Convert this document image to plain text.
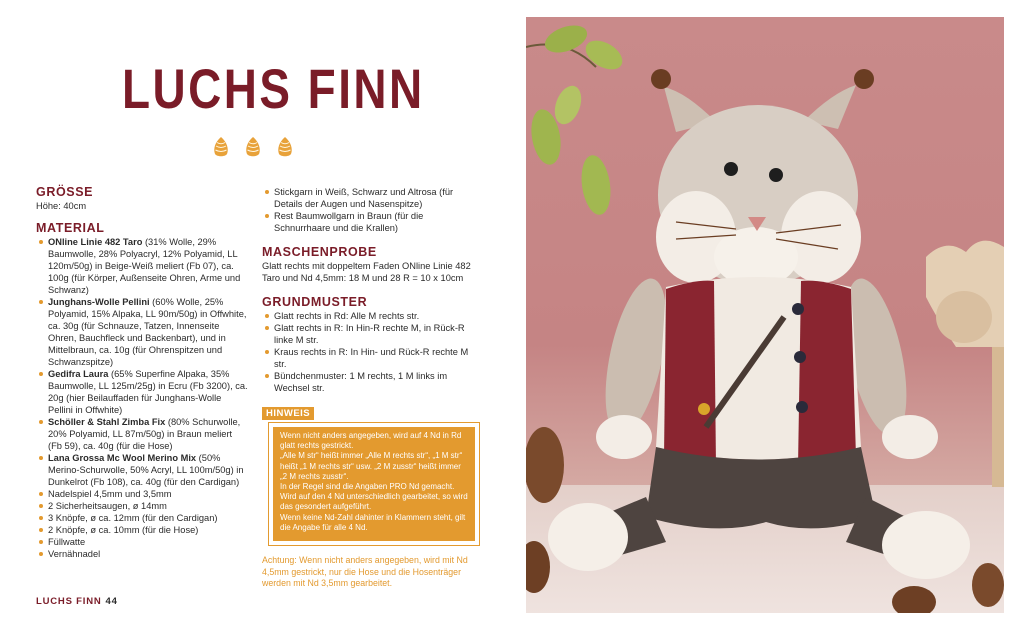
LUCHS FINN
GRÖSSE
Höhe: 40cm
MATERIAL
ONline Linie 482 Taro (31% Wolle, 29% Baumwolle, 28% Polyacryl, 12% Polyamid, LL 120m/50g) in Beige-Weiß meliert (Fb 07), ca. 100g (für Körper, Außenseite Ohren, Arme und Schwanz)
Junghans-Wolle Pellini (60% Wolle, 25% Polyamid, 15% Alpaka, LL 90m/50g) in Offwhite, ca. 30g (für Schnauze, Tatzen, Innenseite Ohren, Bauchfleck und Backenbart), und in Mittelbraun, ca. 10g (für Ohrenspitzen und Schwanzspitze)
Gedifra Laura (65% Superfine Alpaka, 35% Baumwolle, LL 125m/25g) in Ecru (Fb 3200), ca. 20g (hier Beilauffaden für Junghans-Wolle Pellini in Offwhite)
Schöller & Stahl Zimba Fix (80% Schurwolle, 20% Polyamid, LL 87m/50g) in Braun meliert (Fb 59), ca. 40g (für die Hose)
Lana Grossa Mc Wool Merino Mix (50% Merino-Schurwolle, 50% Acryl, LL 100m/50g) in Dunkelrot (Fb 108), ca. 40g (für den Cardigan)
Nadelspiel 4,5mm und 3,5mm
2 Sicherheitsaugen, ø 14mm
3 Knöpfe, ø ca. 12mm (für den Cardigan)
2 Knöpfe, ø ca. 10mm (für die Hose)
Füllwatte
Vernähnadel
Stickgarn in Weiß, Schwarz und Altrosa (für Details der Augen und Nasenspitze)
Rest Baumwollgarn in Braun (für die Schnurrhaare und die Krallen)
MASCHENPROBE
Glatt rechts mit doppeltem Faden ONline Linie 482 Taro und Nd 4,5mm: 18 M und 28 R = 10 x 10cm
GRUNDMUSTER
Glatt rechts in Rd: Alle M rechts str.
Glatt rechts in R: In Hin-R rechte M, in Rück-R linke M str.
Kraus rechts in R: In Hin- und Rück-R rechte M str.
Bündchenmuster: 1 M rechts, 1 M links im Wechsel str.
HINWEIS
Wenn nicht anders angegeben, wird auf 4 Nd in Rd glatt rechts gestrickt.
„Alle M str“ heißt immer „Alle M rechts str“, „1 M str“ heißt „1 M rechts str“ usw. „2 M zusstr“ heißt immer „2 M rechts zusstr“.
In der Regel sind die Angaben PRO Nd gemacht. Wird auf den 4 Nd unterschiedlich gearbeitet, so wird das gesondert aufgeführt.
Wenn keine Nd-Zahl dahinter in Klammern steht, gilt die Angabe für alle 4 Nd.
Achtung: Wenn nicht anders angegeben, wird mit Nd 4,5mm gestrickt, nur die Hose und die Hosenträger werden mit Nd 3,5mm gearbeitet.
LUCHS FINN 44
